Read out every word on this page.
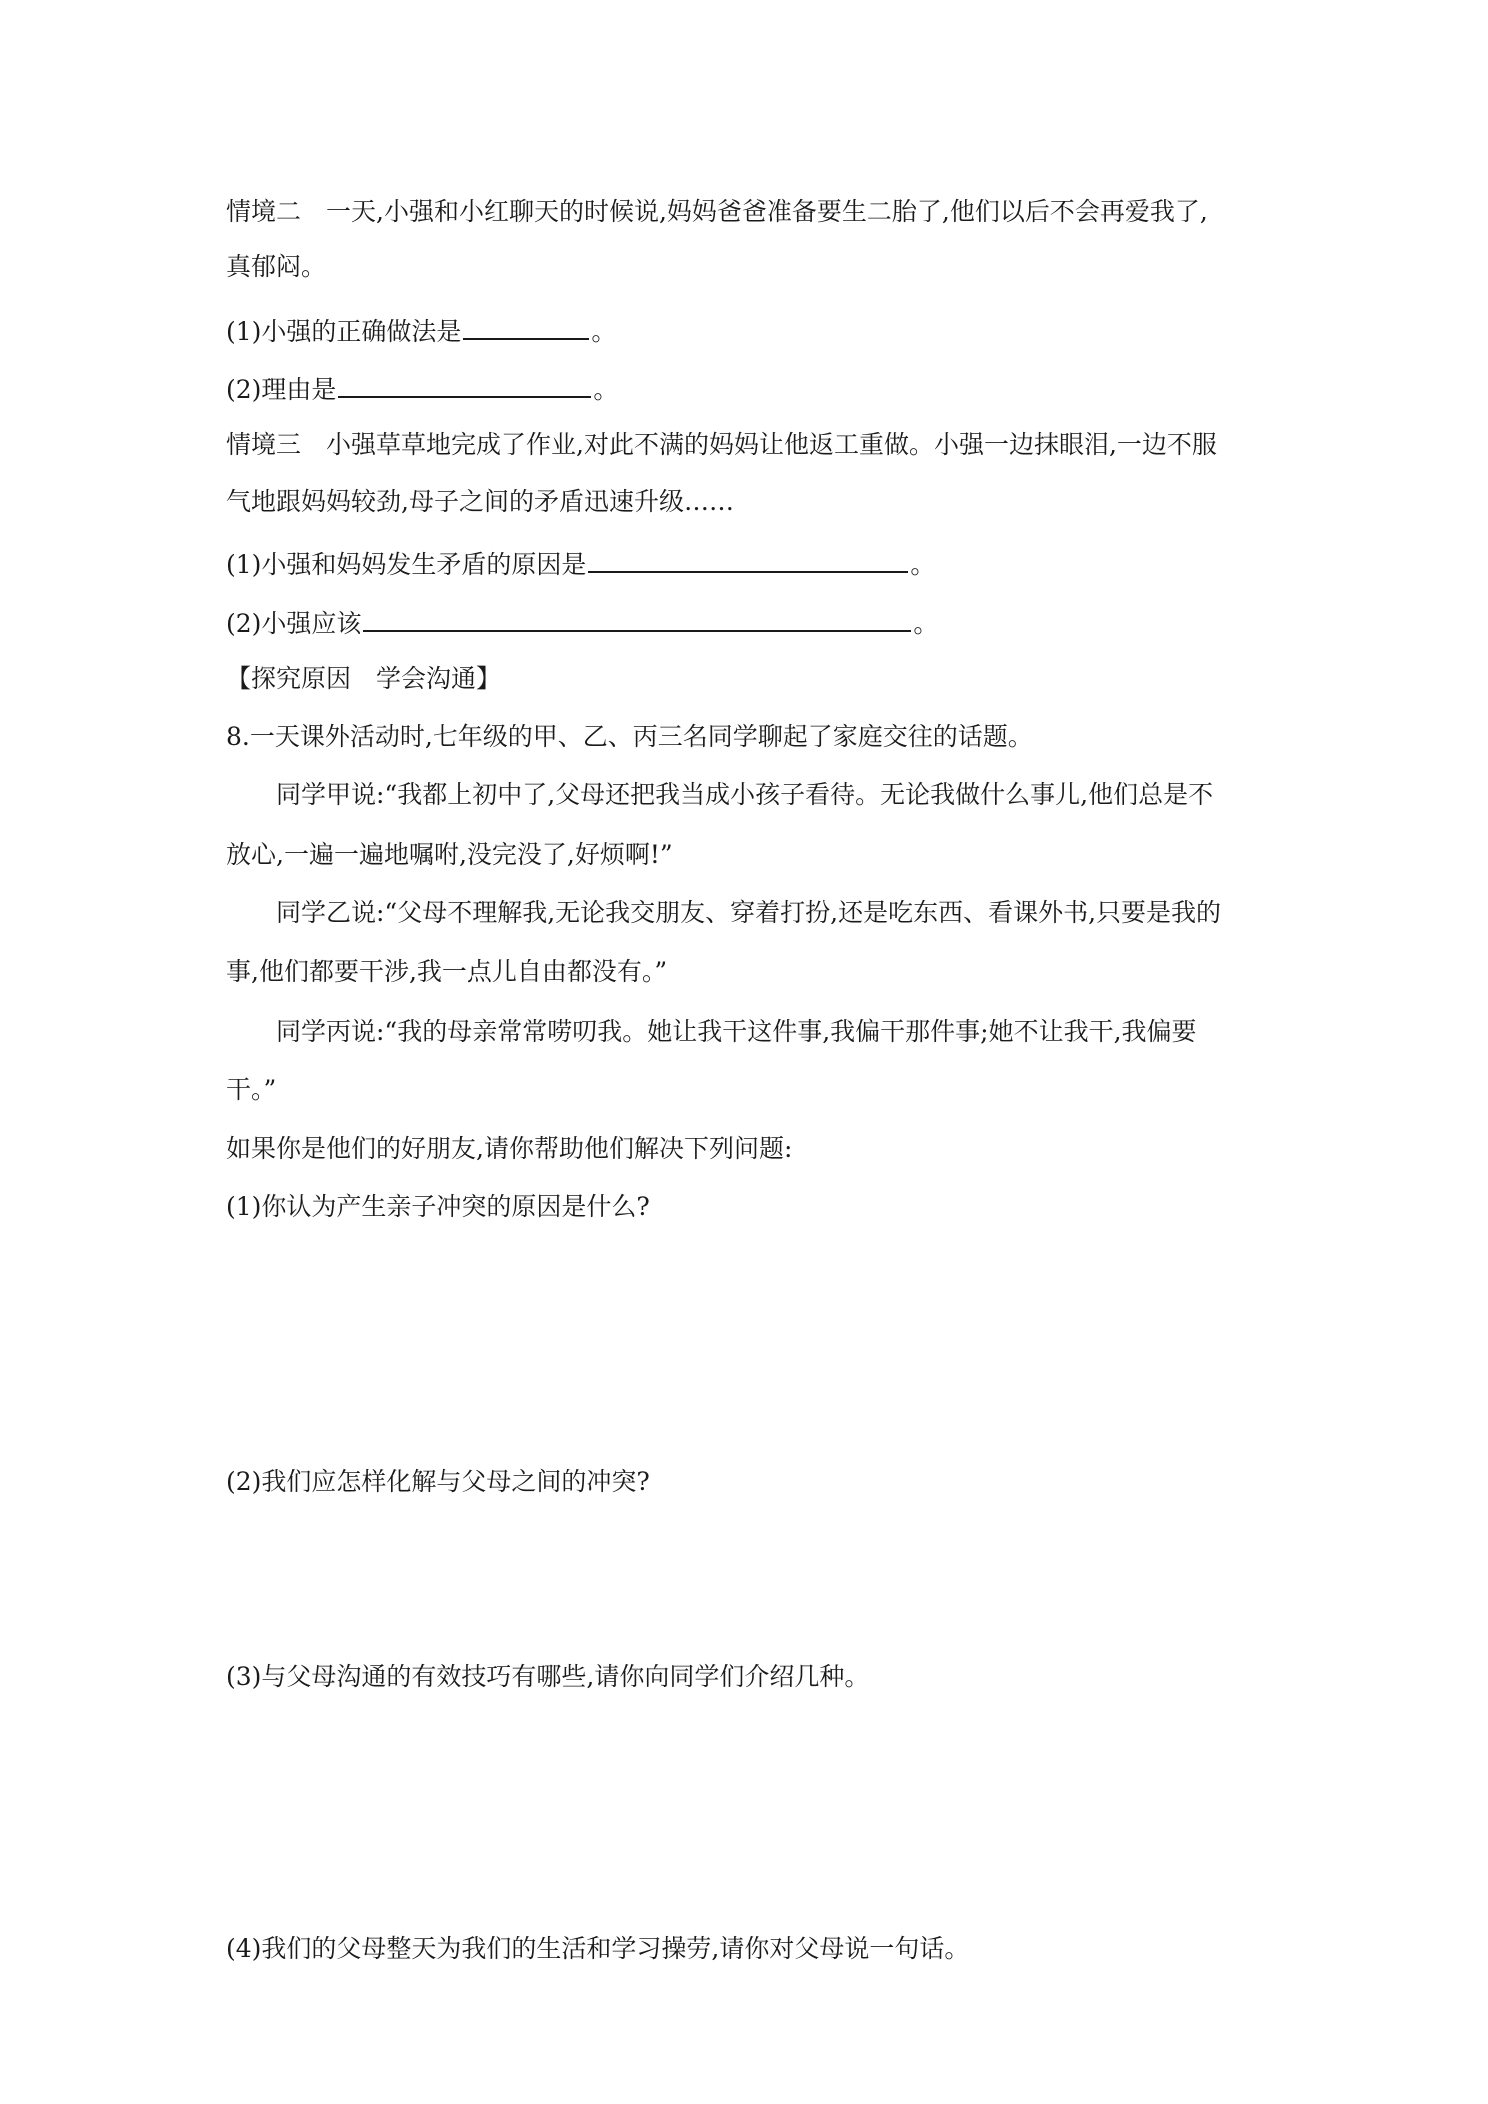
情境二　一天,小强和小红聊天的时候说,妈妈爸爸准备要生二胎了,他们以后不会再爱我了,
真郁闷。
(1)小强的正确做法是	。
(2)理由是	。
情境三　小强草草地完成了作业,对此不满的妈妈让他返工重做。小强一边抹眼泪,一边不服
气地跟妈妈较劲,母子之间的矛盾迅速升级……
(1)小强和妈妈发生矛盾的原因是	。
(2)小强应该	。
【探究原因　学会沟通】
8.一天课外活动时,七年级的甲、乙、丙三名同学聊起了家庭交往的话题。
同学甲说:“我都上初中了,父母还把我当成小孩子看待。无论我做什么事儿,他们总是不
放心,一遍一遍地嘱咐,没完没了,好烦啊!”
同学乙说:“父母不理解我,无论我交朋友、穿着打扮,还是吃东西、看课外书,只要是我的
事,他们都要干涉,我一点儿自由都没有。”
同学丙说:“我的母亲常常唠叨我。她让我干这件事,我偏干那件事;她不让我干,我偏要
干。”
如果你是他们的好朋友,请你帮助他们解决下列问题:
(1)你认为产生亲子冲突的原因是什么?
(2)我们应怎样化解与父母之间的冲突?
(3)与父母沟通的有效技巧有哪些,请你向同学们介绍几种。
(4)我们的父母整天为我们的生活和学习操劳,请你对父母说一句话。
